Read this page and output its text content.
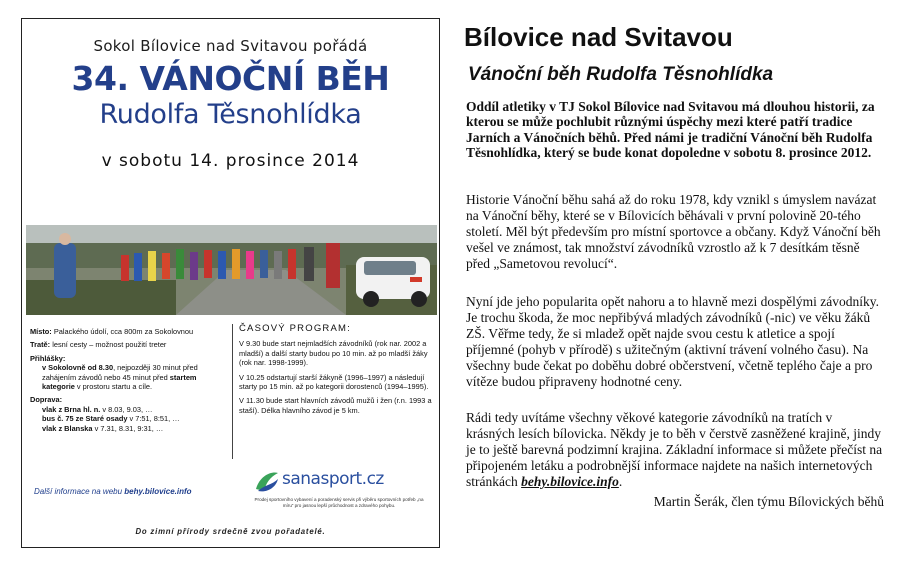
Sokol Bílovice nad Svitavou pořádá
34. VÁNOČNÍ BĚH
Rudolfa Těsnohlídka
v sobotu 14. prosince 2014
Místo: Palackého údolí, cca 800m za Sokolovnou
Tratě: lesní cesty – možnost použití treter
Přihlášky:
v Sokolovně od 8.30, nejpozději 30 minut před zahájením závodů nebo 45 minut před startem kategorie v prostoru startu a cíle.
Doprava:
vlak z Brna hl. n. v 8.03, 9.03, …
bus č. 75 ze Staré osady v 7:51, 8:51, …
vlak z Blanska v 7.31, 8.31, 9:31, …
ČASOVÝ PROGRAM:
V 9.30 bude start nejmladších závodníků (rok nar. 2002 a mladší) a další starty budou po 10 min. až po mladší žáky (rok nar. 1998-1999).
V 10.25 odstartují starší žákyně (1996–1997) a následují starty po 15 min. až po kategorii dorostenců (1994–1995).
V 11.30 bude start hlavních závodů mužů i žen (r.n. 1993 a staší). Délka hlavního závod je 5 km.
Další informace na webu behy.bilovice.info
sanasport.cz
Prodej sportovního vybavení a poradenský servis při výběru sportovních potřeb „na míru“ pro jasnou lepší průchodnost a zdravého pohybu.
Do zimní přírody srdečně zvou pořadatelé.
Bílovice nad Svitavou
Vánoční běh Rudolfa Těsnohlídka
Oddíl atletiky v TJ Sokol Bílovice nad Svitavou má dlouhou historii, za kterou se může pochlubit různými úspěchy mezi které patří tradice Jarních a Vánočních běhů. Před námi je tradiční Vánoční běh Rudolfa Těsnohlídka, který se bude konat dopoledne v sobotu 8. prosince 2012.
Historie Vánoční běhu sahá až do roku 1978, kdy vznikl s úmyslem navázat na Vánoční běhy, které se v Bílovicích běhávali v první polovině 20-tého století. Měl být především pro místní sportovce a občany. Když Vánoční běh vešel ve známost, tak množství závodníků vzrostlo až k 7 desítkám těsně před „Sametovou revolucí“.
Nyní jde jeho popularita opět nahoru a to hlavně mezi dospělými závodníky. Je trochu škoda, že moc nepřibývá mladých závodníků (-nic) ve věku žáků ZŠ. Věřme tedy, že si mladež opět najde svou cestu k atletice a spojí příjemné (pohyb v přírodě) s užitečným (aktivní trávení volného času). Na všechny bude čekat po doběhu dobré občerstvení, včetně teplého čaje a pro vítěze budou připraveny hodnotné ceny.
Rádi tedy uvítáme všechny věkové kategorie závodníků na tratích v krásných lesích bílovicka. Někdy je to běh v čerstvě zasněžené krajině, jindy je to ještě barevná podzimní krajina. Základní informace si můžete přečíst na připojeném letáku a podrobnější informace najdete na našich internetových stránkách behy.bilovice.info.
Martin Šerák, člen týmu Bílovických běhů
